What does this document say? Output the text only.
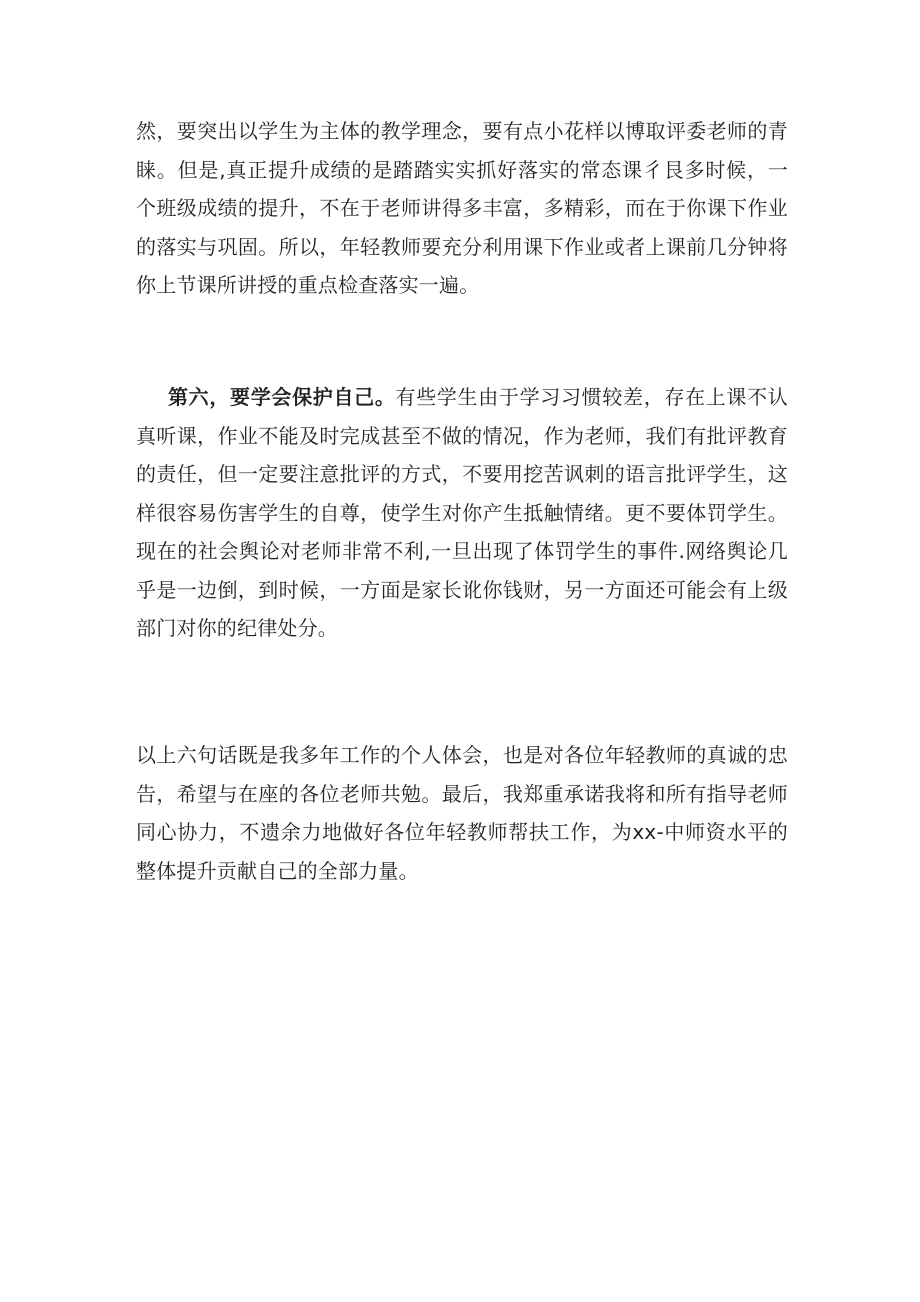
然，要突出以学生为主体的教学理念，要有点小花样以博取评委老师的青睐。但是,真正提升成绩的是踏踏实实抓好落实的常态课彳艮多时候，一个班级成绩的提升，不在于老师讲得多丰富，多精彩，而在于你课下作业的落实与巩固。所以，年轻教师要充分利用课下作业或者上课前几分钟将你上节课所讲授的重点检查落实一遍。

第六，要学会保护自己。有些学生由于学习习惯较差，存在上课不认真听课，作业不能及时完成甚至不做的情况，作为老师，我们有批评教育的责任，但一定要注意批评的方式，不要用挖苦讽刺的语言批评学生，这样很容易伤害学生的自尊，使学生对你产生抵触情绪。更不要体罚学生。现在的社会舆论对老师非常不利,一旦出现了体罚学生的事件.网络舆论几乎是一边倒，到时候，一方面是家长讹你钱财，另一方面还可能会有上级部门对你的纪律处分。

以上六句话既是我多年工作的个人体会，也是对各位年轻教师的真诚的忠告，希望与在座的各位老师共勉。最后，我郑重承诺我将和所有指导老师同心协力，不遗余力地做好各位年轻教师帮扶工作，为xx-中师资水平的整体提升贡献自己的全部力量。
